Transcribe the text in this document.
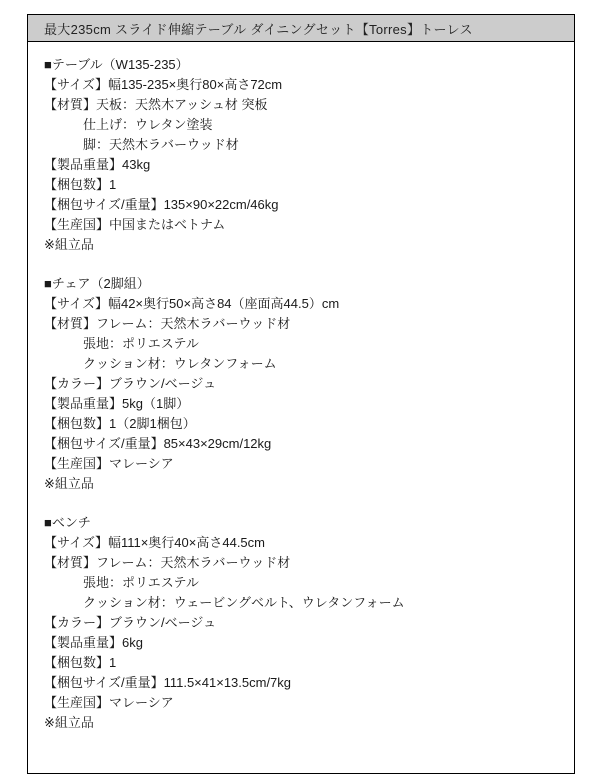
最大235cm スライド伸縮テーブル ダイニングセット【Torres】トーレス
■テーブル（W135-235）
【サイズ】幅135-235×奥行80×高さ72cm
【材質】天板：天然木アッシュ材 突板
　　　仕上げ：ウレタン塗装
　　　脚：天然木ラバーウッド材
【製品重量】43kg
【梱包数】1
【梱包サイズ/重量】135×90×22cm/46kg
【生産国】中国またはベトナム
※組立品
■チェア（2脚組）
【サイズ】幅42×奥行50×高さ84（座面高44.5）cm
【材質】フレーム：天然木ラバーウッド材
　　　張地：ポリエステル
　　　クッション材：ウレタンフォーム
【カラー】ブラウン/ベージュ
【製品重量】5kg（1脚）
【梱包数】1（2脚1梱包）
【梱包サイズ/重量】85×43×29cm/12kg
【生産国】マレーシア
※組立品
■ベンチ
【サイズ】幅111×奥行40×高さ44.5cm
【材質】フレーム：天然木ラバーウッド材
　　　張地：ポリエステル
　　　クッション材：ウェービングベルト、ウレタンフォーム
【カラー】ブラウン/ベージュ
【製品重量】6kg
【梱包数】1
【梱包サイズ/重量】111.5×41×13.5cm/7kg
【生産国】マレーシア
※組立品
